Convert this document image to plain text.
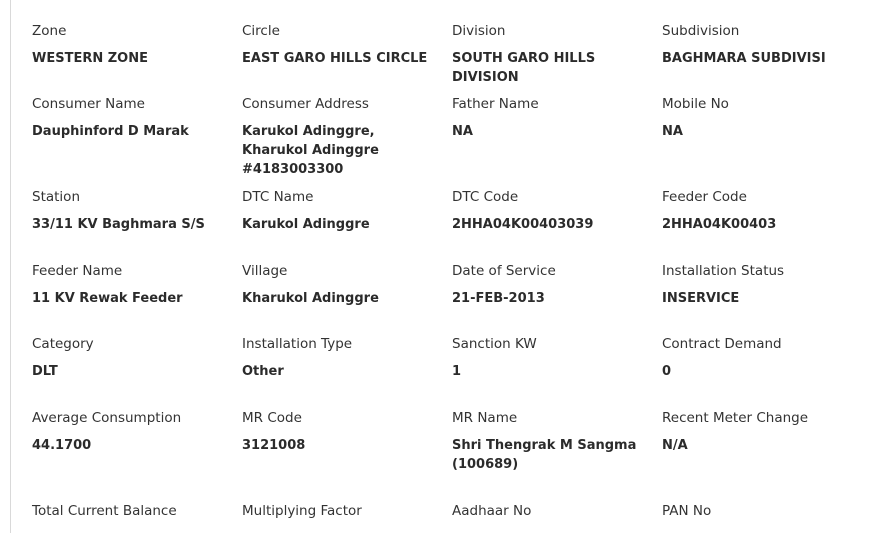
Zone
WESTERN ZONE
Circle
EAST GARO HILLS CIRCLE
Division
SOUTH GARO HILLS DIVISION
Subdivision
BAGHMARA SUBDIVISI
Consumer Name
Dauphinford D Marak
Consumer Address
Karukol Adinggre, Kharukol Adinggre #4183003300
Father Name
NA
Mobile No
NA
Station
33/11 KV Baghmara S/S
DTC Name
Karukol Adinggre
DTC Code
2HHA04K00403039
Feeder Code
2HHA04K00403
Feeder Name
11 KV Rewak Feeder
Village
Kharukol Adinggre
Date of Service
21-FEB-2013
Installation Status
INSERVICE
Category
DLT
Installation Type
Other
Sanction KW
1
Contract Demand
0
Average Consumption
44.1700
MR Code
3121008
MR Name
Shri Thengrak M Sangma (100689)
Recent Meter Change
N/A
Total Current Balance	Multiplying Factor	Aadhaar No	PAN No
